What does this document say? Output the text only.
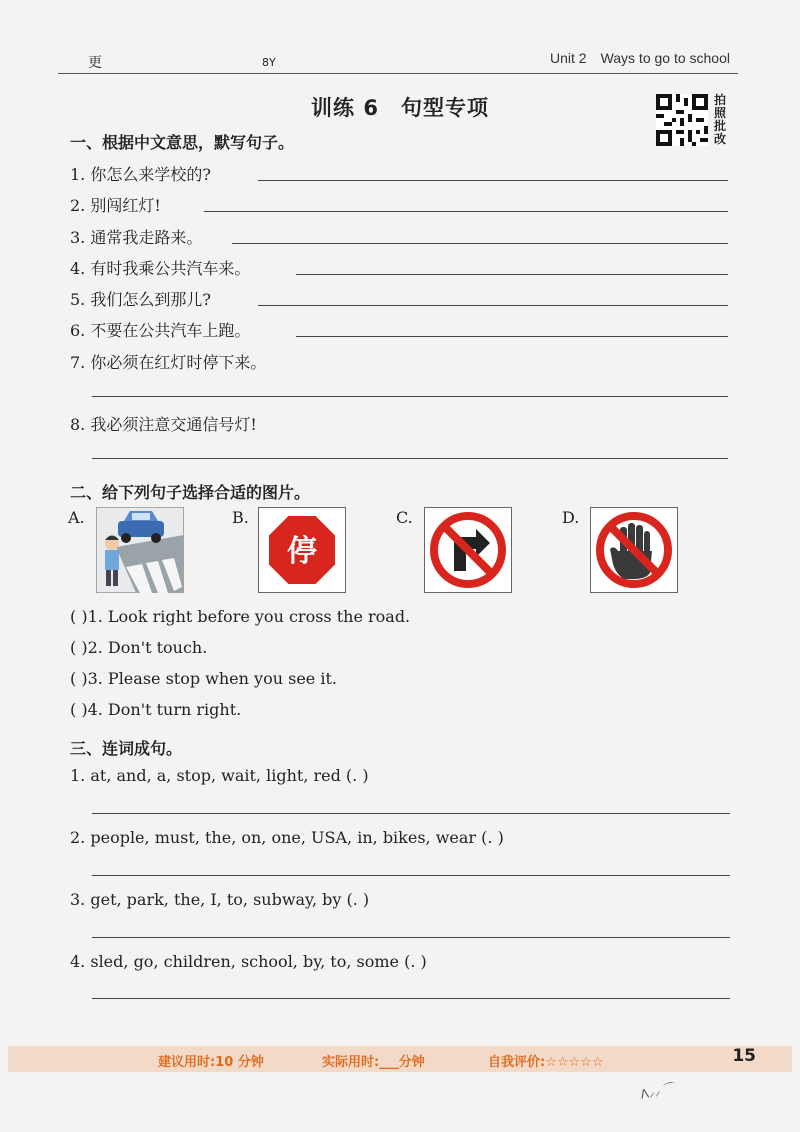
更	8Y	Unit 2 Ways to go to school
训练 6 句型专项	拍
照
批
改
一、根据中文意思，默写句子。
1. 你怎么来学校的?
2. 别闯红灯!
3. 通常我走路来。
4. 有时我乘公共汽车来。
5. 我们怎么到那儿?
6. 不要在公共汽车上跑。
7. 你必须在红灯时停下来。
8. 我必须注意交通信号灯!
二、给下列句子选择合适的图片。
A.	B.
停
C.	D.
( )1. Look right before you cross the road.
( )2. Don't touch.
( )3. Please stop when you see it.
( )4. Don't turn right.
三、连词成句。
1. at, and, a, stop, wait, light, red (. )
2. people, must, the, on, one, USA, in, bikes, wear (. )
3. get, park, the, I, to, subway, by (. )
4. sled, go, children, school, by, to, some (. )
建议用时:10 分钟	实际用时:___分钟	自我评价:☆☆☆☆☆	15
ᐱ⸝⸝ ⌒
